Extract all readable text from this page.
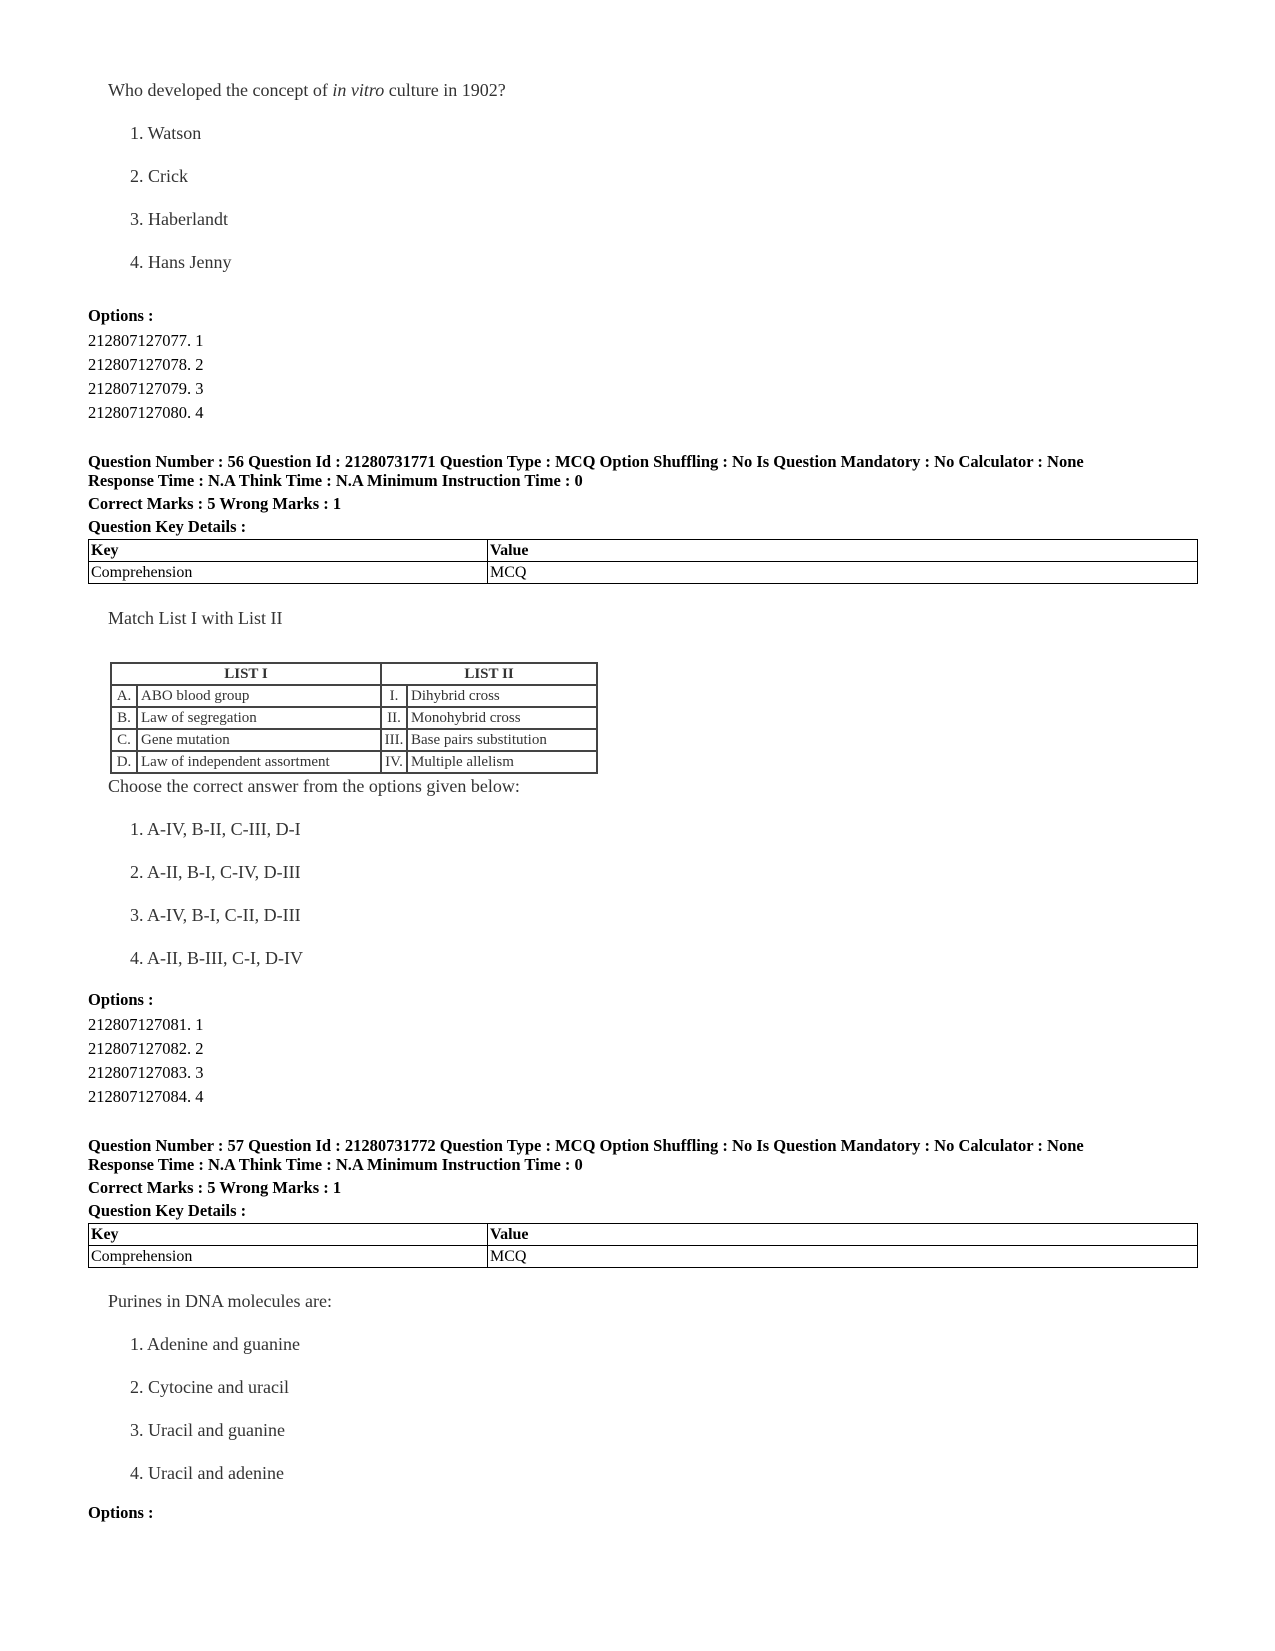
Who developed the concept of in vitro culture in 1902?
1. Watson
2. Crick
3. Haberlandt
4. Hans Jenny
Options :
212807127077. 1
212807127078. 2
212807127079. 3
212807127080. 4
Question Number : 56 Question Id : 21280731771 Question Type : MCQ Option Shuffling : No Is Question Mandatory : No Calculator : None
Response Time : N.A Think Time : N.A Minimum Instruction Time : 0
Correct Marks : 5 Wrong Marks : 1
Question Key Details :
Key	Value
Comprehension	MCQ
Match List I with List II
LIST I		LIST II	
A.	ABO blood group	I.	Dihybrid cross
B.	Law of segregation	II.	Monohybrid cross
C.	Gene mutation	III.	Base pairs substitution
D.	Law of independent assortment	IV.	Multiple allelism
Choose the correct answer from the options given below:
1. A-IV, B-II, C-III, D-I
2. A-II, B-I, C-IV, D-III
3. A-IV, B-I, C-II, D-III
4. A-II, B-III, C-I, D-IV
Options :
212807127081. 1
212807127082. 2
212807127083. 3
212807127084. 4
Question Number : 57 Question Id : 21280731772 Question Type : MCQ Option Shuffling : No Is Question Mandatory : No Calculator : None
Response Time : N.A Think Time : N.A Minimum Instruction Time : 0
Correct Marks : 5 Wrong Marks : 1
Question Key Details :
Key	Value
Comprehension	MCQ
Purines in DNA molecules are:
1. Adenine and guanine
2. Cytocine and uracil
3. Uracil and guanine
4. Uracil and adenine
Options :
